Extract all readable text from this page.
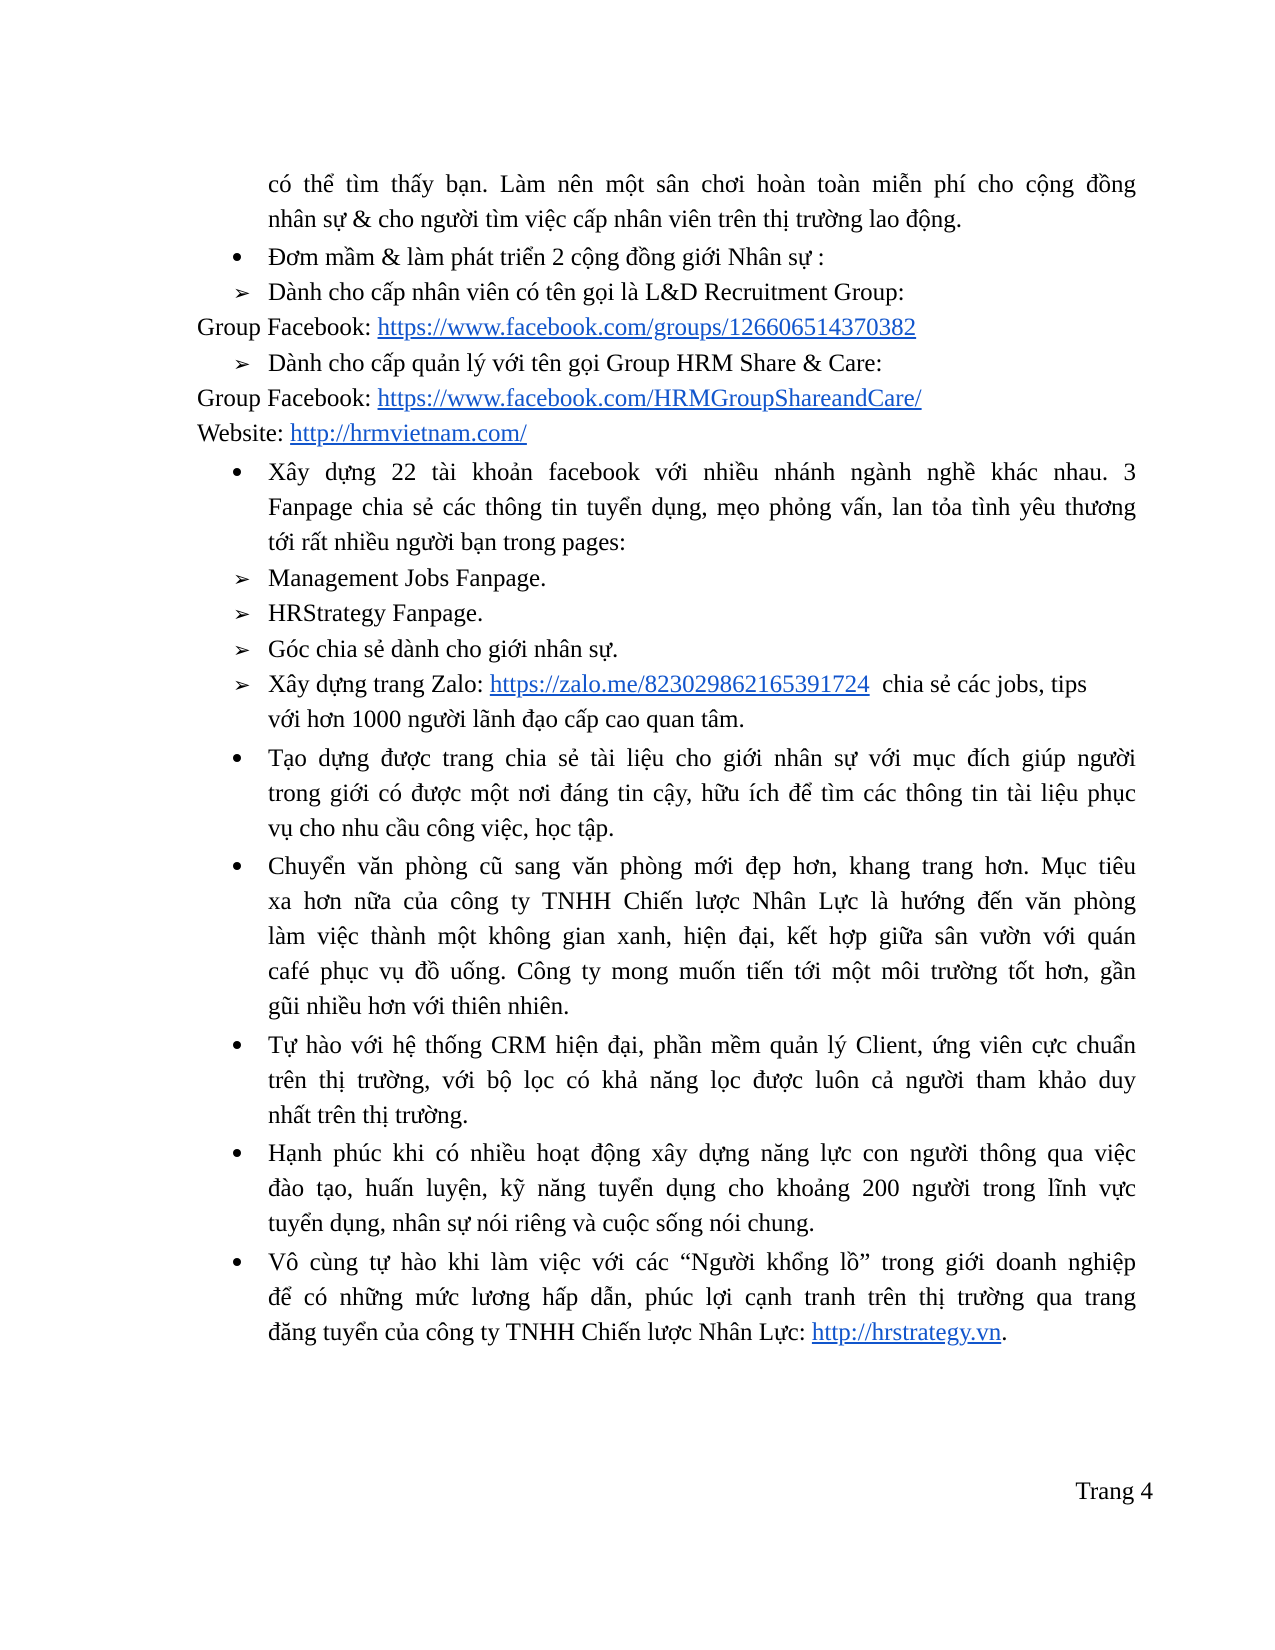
có thể tìm thấy bạn. Làm nên một sân chơi hoàn toàn miễn phí cho cộng đồng
nhân sự & cho người tìm việc cấp nhân viên trên thị trường lao động.
Đơm mầm & làm phát triển 2 cộng đồng giới Nhân sự :
➢ Dành cho cấp nhân viên có tên gọi là L&D Recruitment Group:
Group Facebook: https://www.facebook.com/groups/126606514370382
➢ Dành cho cấp quản lý với tên gọi Group HRM Share & Care:
Group Facebook: https://www.facebook.com/HRMGroupShareandCare/
Website: http://hrmvietnam.com/
Xây dựng 22 tài khoản facebook với nhiều nhánh ngành nghề khác nhau. 3
Fanpage chia sẻ các thông tin tuyển dụng, mẹo phỏng vấn, lan tỏa tình yêu thương
tới rất nhiều người bạn trong pages:
➢ Management Jobs Fanpage.
➢ HRStrategy Fanpage.
➢ Góc chia sẻ dành cho giới nhân sự.
➢ Xây dựng trang Zalo: https://zalo.me/823029862165391724  chia sẻ các jobs, tips
với hơn 1000 người lãnh đạo cấp cao quan tâm.
Tạo dựng được trang chia sẻ tài liệu cho giới nhân sự với mục đích giúp người
trong giới có được một nơi đáng tin cậy, hữu ích để tìm các thông tin tài liệu phục
vụ cho nhu cầu công việc, học tập.
Chuyển văn phòng cũ sang văn phòng mới đẹp hơn, khang trang hơn. Mục tiêu
xa hơn nữa của công ty TNHH Chiến lược Nhân Lực là hướng đến văn phòng
làm việc thành một không gian xanh, hiện đại, kết hợp giữa sân vườn với quán
café phục vụ đồ uống. Công ty mong muốn tiến tới một môi trường tốt hơn, gần
gũi nhiều hơn với thiên nhiên.
Tự hào với hệ thống CRM hiện đại, phần mềm quản lý Client, ứng viên cực chuẩn
trên thị trường, với bộ lọc có khả năng lọc được luôn cả người tham khảo duy
nhất trên thị trường.
Hạnh phúc khi có nhiều hoạt động xây dựng năng lực con người thông qua việc
đào tạo, huấn luyện, kỹ năng tuyển dụng cho khoảng 200 người trong lĩnh vực
tuyển dụng, nhân sự nói riêng và cuộc sống nói chung.
Vô cùng tự hào khi làm việc với các “Người khổng lồ” trong giới doanh nghiệp
để có những mức lương hấp dẫn, phúc lợi cạnh tranh trên thị trường qua trang
đăng tuyển của công ty TNHH Chiến lược Nhân Lực: http://hrstrategy.vn.
Trang 4
